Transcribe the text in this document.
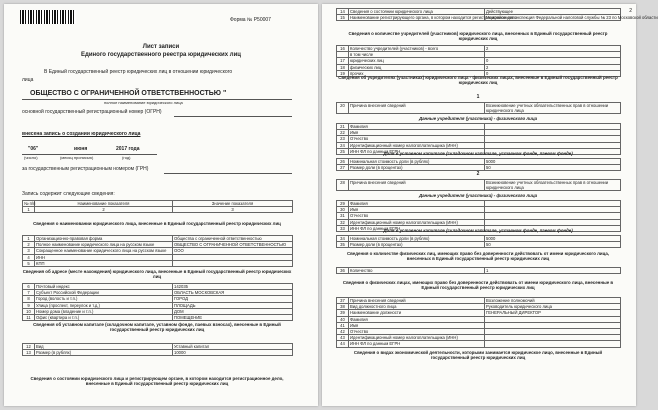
Форма № Р50007
Лист записи
Единого государственного реестра юридических лиц
В Единый государственный реестр юридических лиц в отношении юридического
лица
ОБЩЕСТВО С ОГРАНИЧЕННОЙ ОТВЕТСТВЕННОСТЬЮ "
полное наименование юридического лица
основной государственный регистрационный номер (ОГРН)
внесена запись о создании юридического лица
"06"	июня	2017 года
(число)	(месяц прописью)	(год)
за государственным регистрационным номером (ГРН)
Запись содержит следующие сведения:
№ п/п	Наименование показателя	Значение показателя
1	2	3
Сведения о наименовании юридического лица, внесенные в Единый государственный реестр юридических лиц
1	Организационно-правовая форма	Общества с ограниченной ответственностью
2	Полное наименование юридического лица на русском языке	ОБЩЕСТВО С ОГРАНИЧЕННОЙ ОТВЕТСТВЕННОСТЬЮ
3	Сокращенное наименование юридического лица на русском языке	ООО
4	ИНН	
5	КПП	
Сведения об адресе (месте нахождения) юридического лица, внесенные в Единый государственный реестр юридических лиц
6	Почтовый индекс	142035
7	Субъект Российской Федерации	ОБЛАСТЬ МОСКОВСКАЯ
8	Город (волость и т.п.)	ГОРОД
9	Улица (проспект, переулок и т.д.)	ПЛОЩАДЬ
10	Номер дома (владение и т.п.)	ДОМ
11	Офис (квартира и т.п.)	ПОМЕЩЕНИЕ
Сведения об уставном капитале (складочном капитале, уставном фонде, паевых взносах), внесенные в Единый государственный реестр юридических лиц
12	Вид	Уставный капитал
13	Размер (в рублях)	10000
Сведения о состоянии юридического лица и регистрирующем органе, в котором находится регистрационное дело, внесенные в Единый государственный реестр юридических лиц
2
14	Сведения о состоянии юридического лица	Действующее
15	Наименование регистрирующего органа, в котором находится регистрационное дело	Межрайонная инспекция Федеральной налоговой службы № 23 по Московской области
Сведения о количестве учредителей (участников) юридического лица, внесенных в Единый государственный реестр юридических лиц
16	Количество учредителей (участников) - всего	2
	в том числе	
17	юридических лиц	0
18	физических лиц	2
19	прочих	0
Сведения об учредителях (участниках) юридического лица - физических лицах, внесенные в Единый государственный реестр юридических лиц
1
20	Причина внесения сведений	Возникновение учетных обязательственных прав в отношении юридического лица
Данные учредителя (участника) - физического лица
21	Фамилия	
22	Имя	
23	Отчество	
24	Идентификационный номер налогоплательщика (ИНН)	
25	ИНН ФЛ по данным ЕГРН	
Доля в уставном капитале (складочном капитале, уставном фонде, паевом фонде)
26	Номинальная стоимость доли (в рублях)	5000
27	Размер доли (в процентах)	50
2
28	Причина внесения сведений	Возникновение учетных обязательственных прав в отношении юридического лица
Данные учредителя (участника) - физического лица
29	Фамилия	
30	Имя	
31	Отчество	
32	Идентификационный номер налогоплательщика (ИНН)	
33	ИНН ФЛ по данным ЕГРН	
Доля в уставном капитале (складочном капитале, уставном фонде, паевом фонде)
34	Номинальная стоимость доли (в рублях)	5000
35	Размер доли (в процентах)	50
Сведения о количестве физических лиц, имеющих право без доверенности действовать от имени юридического лица, внесенных в Единый государственный реестр юридических лиц
36	Количество	1
Сведения о физических лицах, имеющих право без доверенности действовать от имени юридического лица, внесенные в Единый государственный реестр юридических лиц
37	Причина внесения сведений	Возложение полномочий
38	Вид должностного лица	Руководитель юридического лица
39	Наименование должности	ГЕНЕРАЛЬНЫЙ ДИРЕКТОР
40	Фамилия	
41	Имя	
42	Отчество	
43	Идентификационный номер налогоплательщика (ИНН)	
44	ИНН ФЛ по данным ЕГРН	
Сведения о видах экономической деятельности, которыми занимается юридическое лицо, внесенные в Единый государственный реестр юридических лиц
